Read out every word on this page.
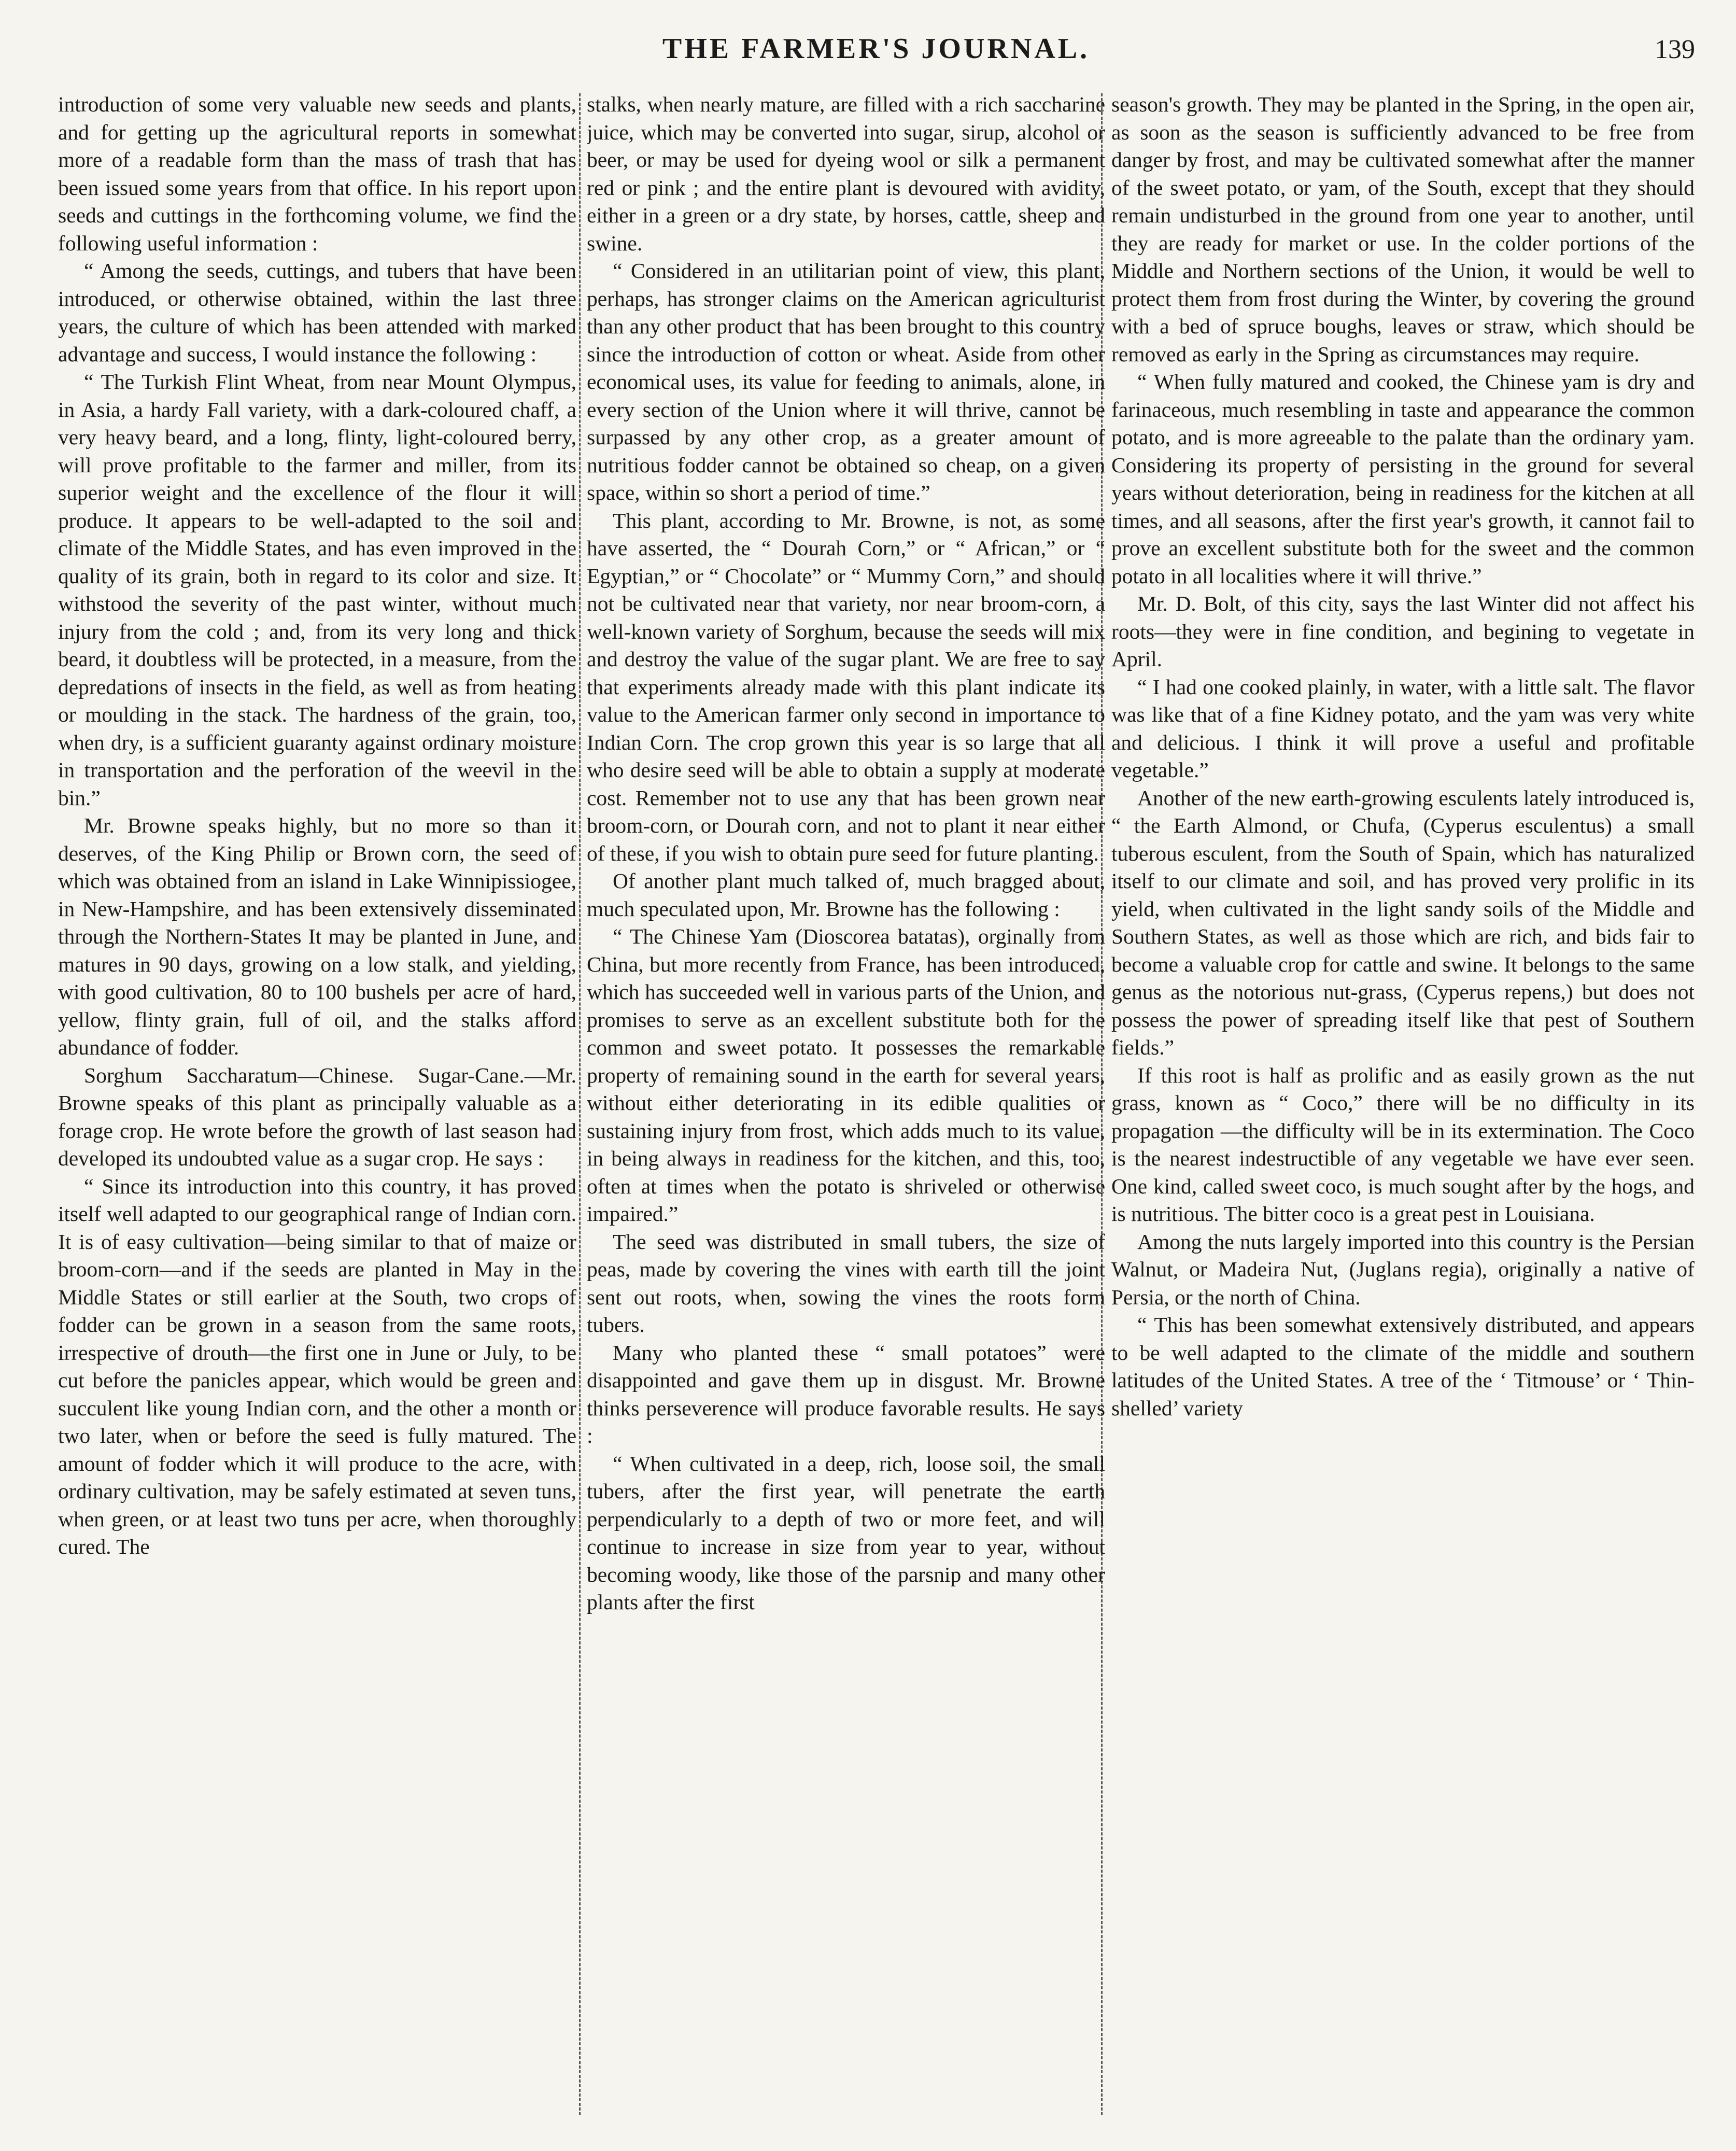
THE FARMER'S JOURNAL.	139

introduction of some very valuable new seeds and plants, and for getting up the agricultural reports in somewhat more of a readable form than the mass of trash that has been issued some years from that office. In his report upon seeds and cuttings in the forthcoming volume, we find the following useful information :

“ Among the seeds, cuttings, and tubers that have been introduced, or otherwise obtained, within the last three years, the culture of which has been attended with marked advantage and success, I would instance the following :

“ The Turkish Flint Wheat, from near Mount Olympus, in Asia, a hardy Fall variety, with a dark-coloured chaff, a very heavy beard, and a long, flinty, light-coloured berry, will prove profitable to the farmer and miller, from its superior weight and the excellence of the flour it will produce. It appears to be well-adapted to the soil and climate of the Middle States, and has even improved in the quality of its grain, both in regard to its color and size. It withstood the severity of the past winter, without much injury from the cold ; and, from its very long and thick beard, it doubtless will be protected, in a measure, from the depredations of insects in the field, as well as from heating or moulding in the stack. The hardness of the grain, too, when dry, is a sufficient guaranty against ordinary moisture in transportation and the perforation of the weevil in the bin.”

Mr. Browne speaks highly, but no more so than it deserves, of the King Philip or Brown corn, the seed of which was obtained from an island in Lake Winnipissiogee, in New-Hampshire, and has been extensively disseminated through the Northern-States It may be planted in June, and matures in 90 days, growing on a low stalk, and yielding, with good cultivation, 80 to 100 bushels per acre of hard, yellow, flinty grain, full of oil, and the stalks afford abundance of fodder.

Sorghum Saccharatum—Chinese. Sugar-Cane.—Mr. Browne speaks of this plant as principally valuable as a forage crop. He wrote before the growth of last season had developed its undoubted value as a sugar crop. He says :

“ Since its introduction into this country, it has proved itself well adapted to our geographical range of Indian corn. It is of easy cultivation—being similar to that of maize or broom-corn—and if the seeds are planted in May in the Middle States or still earlier at the South, two crops of fodder can be grown in a season from the same roots, irrespective of drouth—the first one in June or July, to be cut before the panicles appear, which would be green and succulent like young Indian corn, and the other a month or two later, when or before the seed is fully matured. The amount of fodder which it will produce to the acre, with ordinary cultivation, may be safely estimated at seven tuns, when green, or at least two tuns per acre, when thoroughly cured. The

stalks, when nearly mature, are filled with a rich saccharine juice, which may be converted into sugar, sirup, alcohol or beer, or may be used for dyeing wool or silk a permanent red or pink ; and the entire plant is devoured with avidity, either in a green or a dry state, by horses, cattle, sheep and swine.

“ Considered in an utilitarian point of view, this plant, perhaps, has stronger claims on the American agriculturist than any other product that has been brought to this country since the introduction of cotton or wheat. Aside from other economical uses, its value for feeding to animals, alone, in every section of the Union where it will thrive, cannot be surpassed by any other crop, as a greater amount of nutritious fodder cannot be obtained so cheap, on a given space, within so short a period of time.”

This plant, according to Mr. Browne, is not, as some have asserted, the “ Dourah Corn,” or “ African,” or “ Egyptian,” or “ Chocolate” or “ Mummy Corn,” and should not be cultivated near that variety, nor near broom-corn, a well-known variety of Sorghum, because the seeds will mix and destroy the value of the sugar plant. We are free to say that experiments already made with this plant indicate its value to the American farmer only second in importance to Indian Corn. The crop grown this year is so large that all who desire seed will be able to obtain a supply at moderate cost. Remember not to use any that has been grown near broom-corn, or Dourah corn, and not to plant it near either of these, if you wish to obtain pure seed for future planting.

Of another plant much talked of, much bragged about, much speculated upon, Mr. Browne has the following :

“ The Chinese Yam (Dioscorea batatas), orginally from China, but more recently from France, has been introduced, which has succeeded well in various parts of the Union, and promises to serve as an excellent substitute both for the common and sweet potato. It possesses the remarkable property of remaining sound in the earth for several years, without either deteriorating in its edible qualities or sustaining injury from frost, which adds much to its value, in being always in readiness for the kitchen, and this, too, often at times when the potato is shriveled or otherwise impaired.”

The seed was distributed in small tubers, the size of peas, made by covering the vines with earth till the joint sent out roots, when, sowing the vines the roots form tubers.

Many who planted these “ small potatoes” were disappointed and gave them up in disgust. Mr. Browne thinks perseverence will produce favorable results. He says :

“ When cultivated in a deep, rich, loose soil, the small tubers, after the first year, will penetrate the earth perpendicularly to a depth of two or more feet, and will continue to increase in size from year to year, without becoming woody, like those of the parsnip and many other plants after the first

season's growth. They may be planted in the Spring, in the open air, as soon as the season is sufficiently advanced to be free from danger by frost, and may be cultivated somewhat after the manner of the sweet potato, or yam, of the South, except that they should remain undisturbed in the ground from one year to another, until they are ready for market or use. In the colder portions of the Middle and Northern sections of the Union, it would be well to protect them from frost during the Winter, by covering the ground with a bed of spruce boughs, leaves or straw, which should be removed as early in the Spring as circumstances may require.

“ When fully matured and cooked, the Chinese yam is dry and farinaceous, much resembling in taste and appearance the common potato, and is more agreeable to the palate than the ordinary yam. Considering its property of persisting in the ground for several years without deterioration, being in readiness for the kitchen at all times, and all seasons, after the first year's growth, it cannot fail to prove an excellent substitute both for the sweet and the common potato in all localities where it will thrive.”

Mr. D. Bolt, of this city, says the last Winter did not affect his roots—they were in fine condition, and begining to vegetate in April.

“ I had one cooked plainly, in water, with a little salt. The flavor was like that of a fine Kidney potato, and the yam was very white and delicious. I think it will prove a useful and profitable vegetable.”

Another of the new earth-growing esculents lately introduced is, “ the Earth Almond, or Chufa, (Cyperus esculentus) a small tuberous esculent, from the South of Spain, which has naturalized itself to our climate and soil, and has proved very prolific in its yield, when cultivated in the light sandy soils of the Middle and Southern States, as well as those which are rich, and bids fair to become a valuable crop for cattle and swine. It belongs to the same genus as the notorious nut-grass, (Cyperus repens,) but does not possess the power of spreading itself like that pest of Southern fields.”

If this root is half as prolific and as easily grown as the nut grass, known as “ Coco,” there will be no difficulty in its propagation —the difficulty will be in its extermination. The Coco is the nearest indestructible of any vegetable we have ever seen. One kind, called sweet coco, is much sought after by the hogs, and is nutritious. The bitter coco is a great pest in Louisiana.

Among the nuts largely imported into this country is the Persian Walnut, or Madeira Nut, (Juglans regia), originally a native of Persia, or the north of China.

“ This has been somewhat extensively distributed, and appears to be well adapted to the climate of the middle and southern latitudes of the United States. A tree of the ‘ Titmouse’ or ‘ Thin-shelled’ variety
